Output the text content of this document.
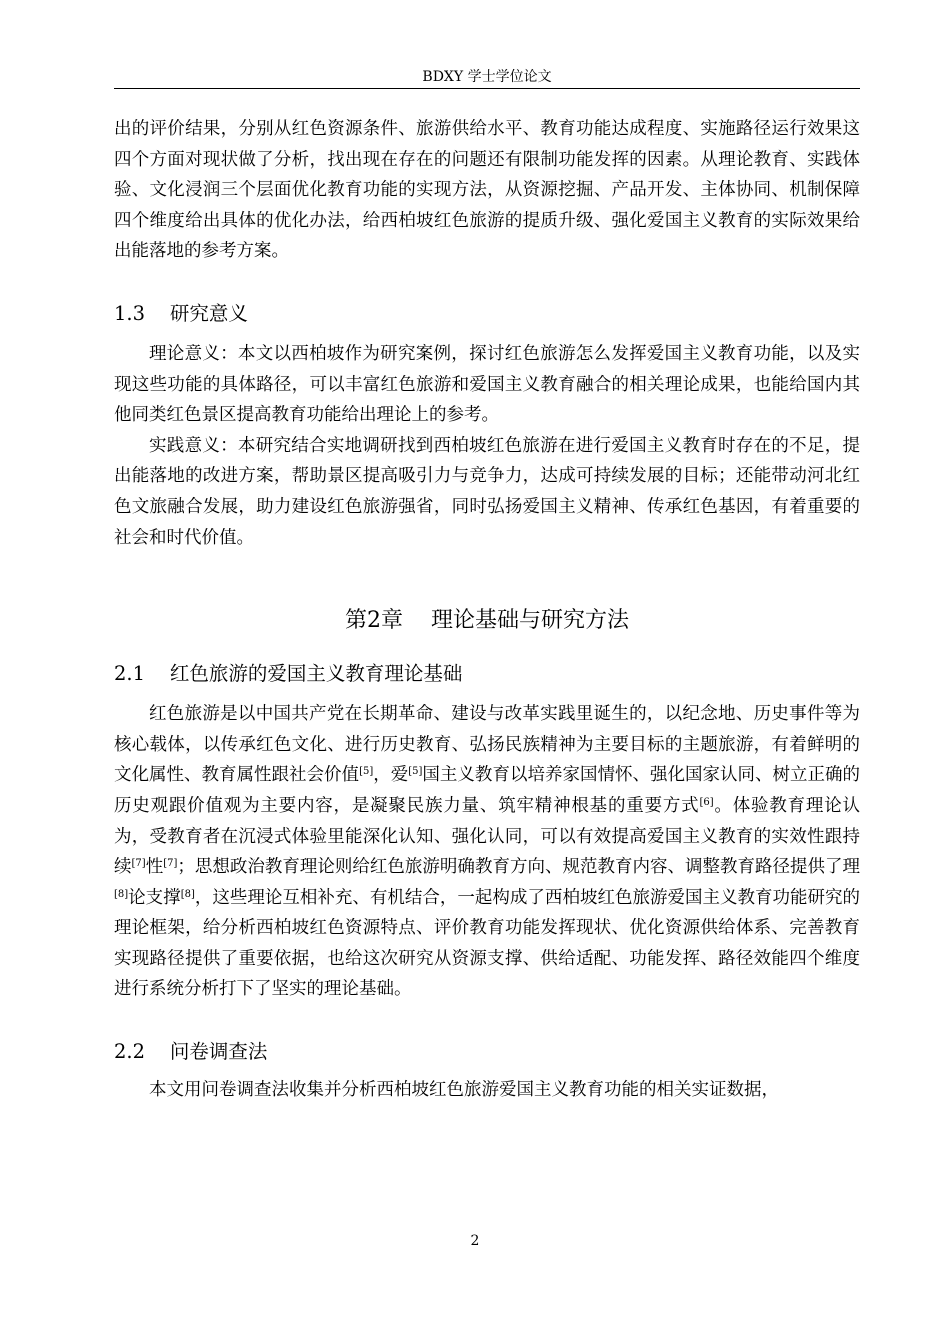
BDXY 学士学位论文

出的评价结果，分别从红色资源条件、旅游供给水平、教育功能达成程度、实施路径运行效果这四个方面对现状做了分析，找出现在存在的问题还有限制功能发挥的因素。从理论教育、实践体验、文化浸润三个层面优化教育功能的实现方法，从资源挖掘、产品开发、主体协同、机制保障四个维度给出具体的优化办法，给西柏坡红色旅游的提质升级、强化爱国主义教育的实际效果给出能落地的参考方案。

1.3 研究意义

理论意义：本文以西柏坡作为研究案例，探讨红色旅游怎么发挥爱国主义教育功能，以及实现这些功能的具体路径，可以丰富红色旅游和爱国主义教育融合的相关理论成果，也能给国内其他同类红色景区提高教育功能给出理论上的参考。

实践意义：本研究结合实地调研找到西柏坡红色旅游在进行爱国主义教育时存在的不足，提出能落地的改进方案，帮助景区提高吸引力与竞争力，达成可持续发展的目标；还能带动河北红色文旅融合发展，助力建设红色旅游强省，同时弘扬爱国主义精神、传承红色基因，有着重要的社会和时代价值。

第2章 理论基础与研究方法
2.1 红色旅游的爱国主义教育理论基础

红色旅游是以中国共产党在长期革命、建设与改革实践里诞生的，以纪念地、历史事件等为核心载体，以传承红色文化、进行历史教育、弘扬民族精神为主要目标的主题旅游，有着鲜明的文化属性、教育属性跟社会价值[5]，爱[5]国主义教育以培养家国情怀、强化国家认同、树立正确的历史观跟价值观为主要内容，是凝聚民族力量、筑牢精神根基的重要方式[6]。体验教育理论认为，受教育者在沉浸式体验里能深化认知、强化认同，可以有效提高爱国主义教育的实效性跟持续[7]性[7]；思想政治教育理论则给红色旅游明确教育方向、规范教育内容、调整教育路径提供了理[8]论支撑[8]，这些理论互相补充、有机结合，一起构成了西柏坡红色旅游爱国主义教育功能研究的理论框架，给分析西柏坡红色资源特点、评价教育功能发挥现状、优化资源供给体系、完善教育实现路径提供了重要依据，也给这次研究从资源支撑、供给适配、功能发挥、路径效能四个维度进行系统分析打下了坚实的理论基础。

2.2 问卷调查法

本文用问卷调查法收集并分析西柏坡红色旅游爱国主义教育功能的相关实证数据，

2
